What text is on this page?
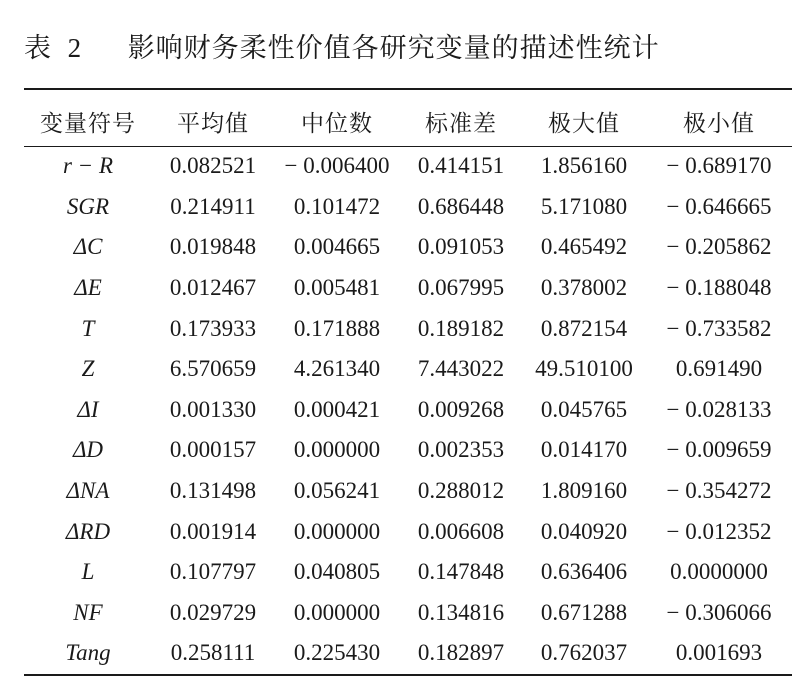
表 2 影响财务柔性价值各研究变量的描述性统计
变量符号	平均值	中位数	标准差	极大值	极小值
r − R	0.082521	− 0.006400	0.414151	1.856160	− 0.689170
SGR	0.214911	0.101472	0.686448	5.171080	− 0.646665
ΔC	0.019848	0.004665	0.091053	0.465492	− 0.205862
ΔE	0.012467	0.005481	0.067995	0.378002	− 0.188048
T	0.173933	0.171888	0.189182	0.872154	− 0.733582
Z	6.570659	4.261340	7.443022	49.510100	0.691490
ΔI	0.001330	0.000421	0.009268	0.045765	− 0.028133
ΔD	0.000157	0.000000	0.002353	0.014170	− 0.009659
ΔNA	0.131498	0.056241	0.288012	1.809160	− 0.354272
ΔRD	0.001914	0.000000	0.006608	0.040920	− 0.012352
L	0.107797	0.040805	0.147848	0.636406	0.0000000
NF	0.029729	0.000000	0.134816	0.671288	− 0.306066
Tang	0.258111	0.225430	0.182897	0.762037	0.001693
